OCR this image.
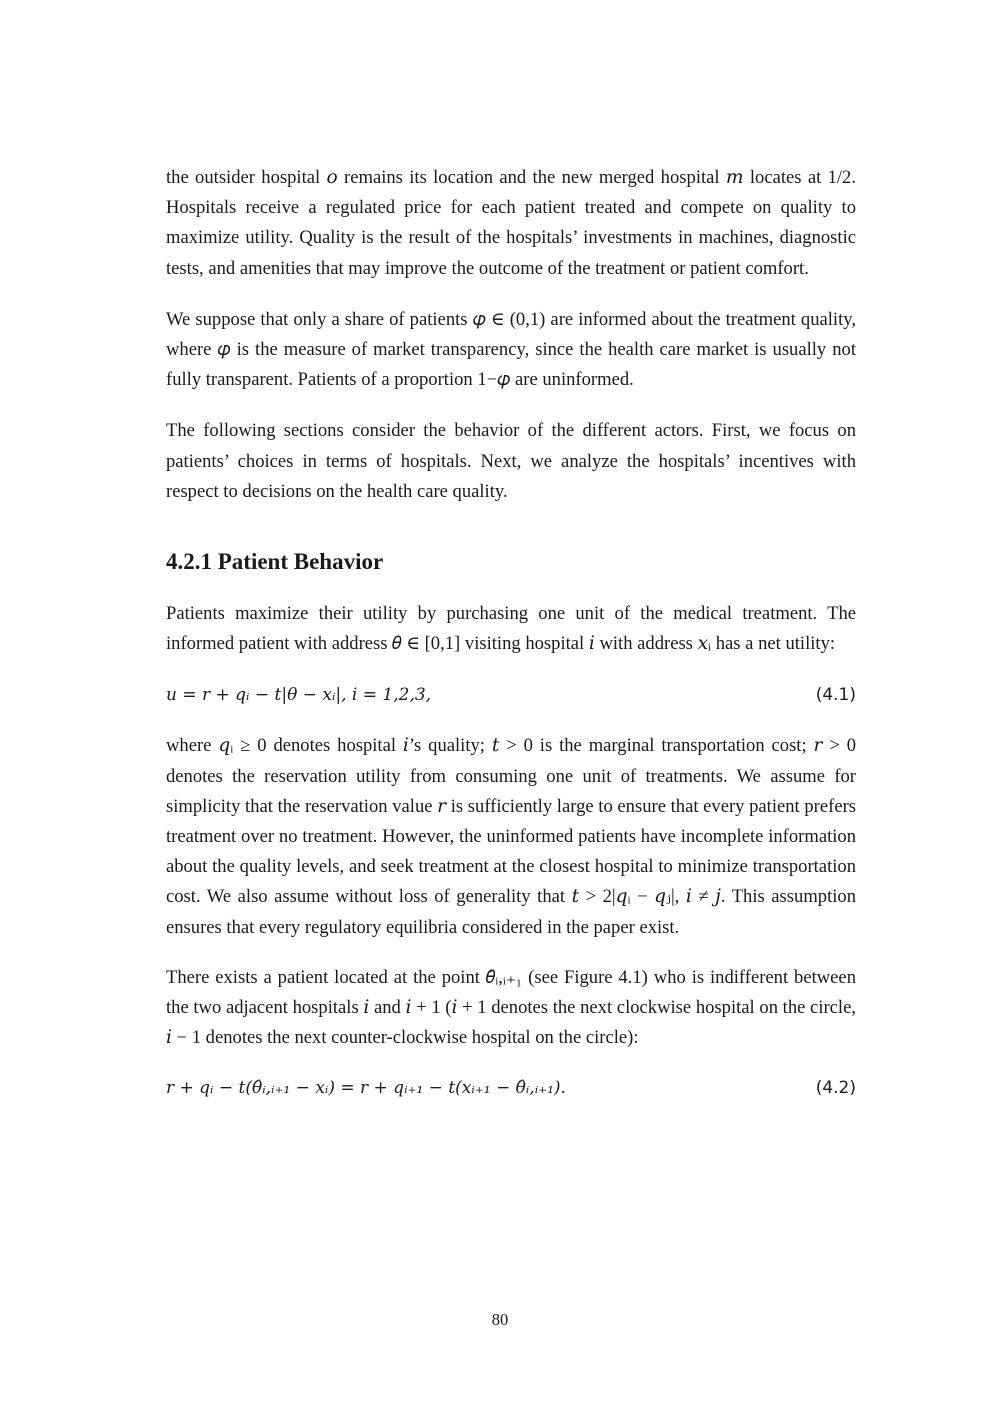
the outsider hospital 𝑜 remains its location and the new merged hospital 𝑚 locates at 1/2. Hospitals receive a regulated price for each patient treated and compete on quality to maximize utility. Quality is the result of the hospitals’ investments in machines, diagnostic tests, and amenities that may improve the outcome of the treatment or patient comfort.

We suppose that only a share of patients 𝜑 ∈ (0,1) are informed about the treatment quality, where 𝜑 is the measure of market transparency, since the health care market is usually not fully transparent. Patients of a proportion 1−𝜑 are uninformed.

The following sections consider the behavior of the different actors. First, we focus on patients’ choices in terms of hospitals. Next, we analyze the hospitals’ incentives with respect to decisions on the health care quality.

4.2.1 Patient Behavior

Patients maximize their utility by purchasing one unit of the medical treatment. The informed patient with address 𝜃 ∈ [0,1] visiting hospital 𝑖 with address 𝑥ᵢ has a net utility:

𝑢 = 𝑟 + 𝑞ᵢ − 𝑡|𝜃 − 𝑥ᵢ|, 𝑖 = 1,2,3,	(4.1)

where 𝑞ᵢ ≥ 0 denotes hospital 𝑖’s quality; 𝑡 > 0 is the marginal transportation cost; 𝑟 > 0 denotes the reservation utility from consuming one unit of treatments. We assume for simplicity that the reservation value 𝑟 is sufficiently large to ensure that every patient prefers treatment over no treatment. However, the uninformed patients have incomplete information about the quality levels, and seek treatment at the closest hospital to minimize transportation cost. We also assume without loss of generality that 𝑡 > 2|𝑞ᵢ − 𝑞ⱼ|, 𝑖 ≠ 𝑗. This assumption ensures that every regulatory equilibria considered in the paper exist.

There exists a patient located at the point 𝜃̂ᵢ,ᵢ₊₁ (see Figure 4.1) who is indifferent between the two adjacent hospitals 𝑖 and 𝑖 + 1 (𝑖 + 1 denotes the next clockwise hospital on the circle, 𝑖 − 1 denotes the next counter-clockwise hospital on the circle):

𝑟 + 𝑞ᵢ − 𝑡(𝜃̂ᵢ,ᵢ₊₁ − 𝑥ᵢ) = 𝑟 + 𝑞ᵢ₊₁ − 𝑡(𝑥ᵢ₊₁ − 𝜃̂ᵢ,ᵢ₊₁).	(4.2)
80
